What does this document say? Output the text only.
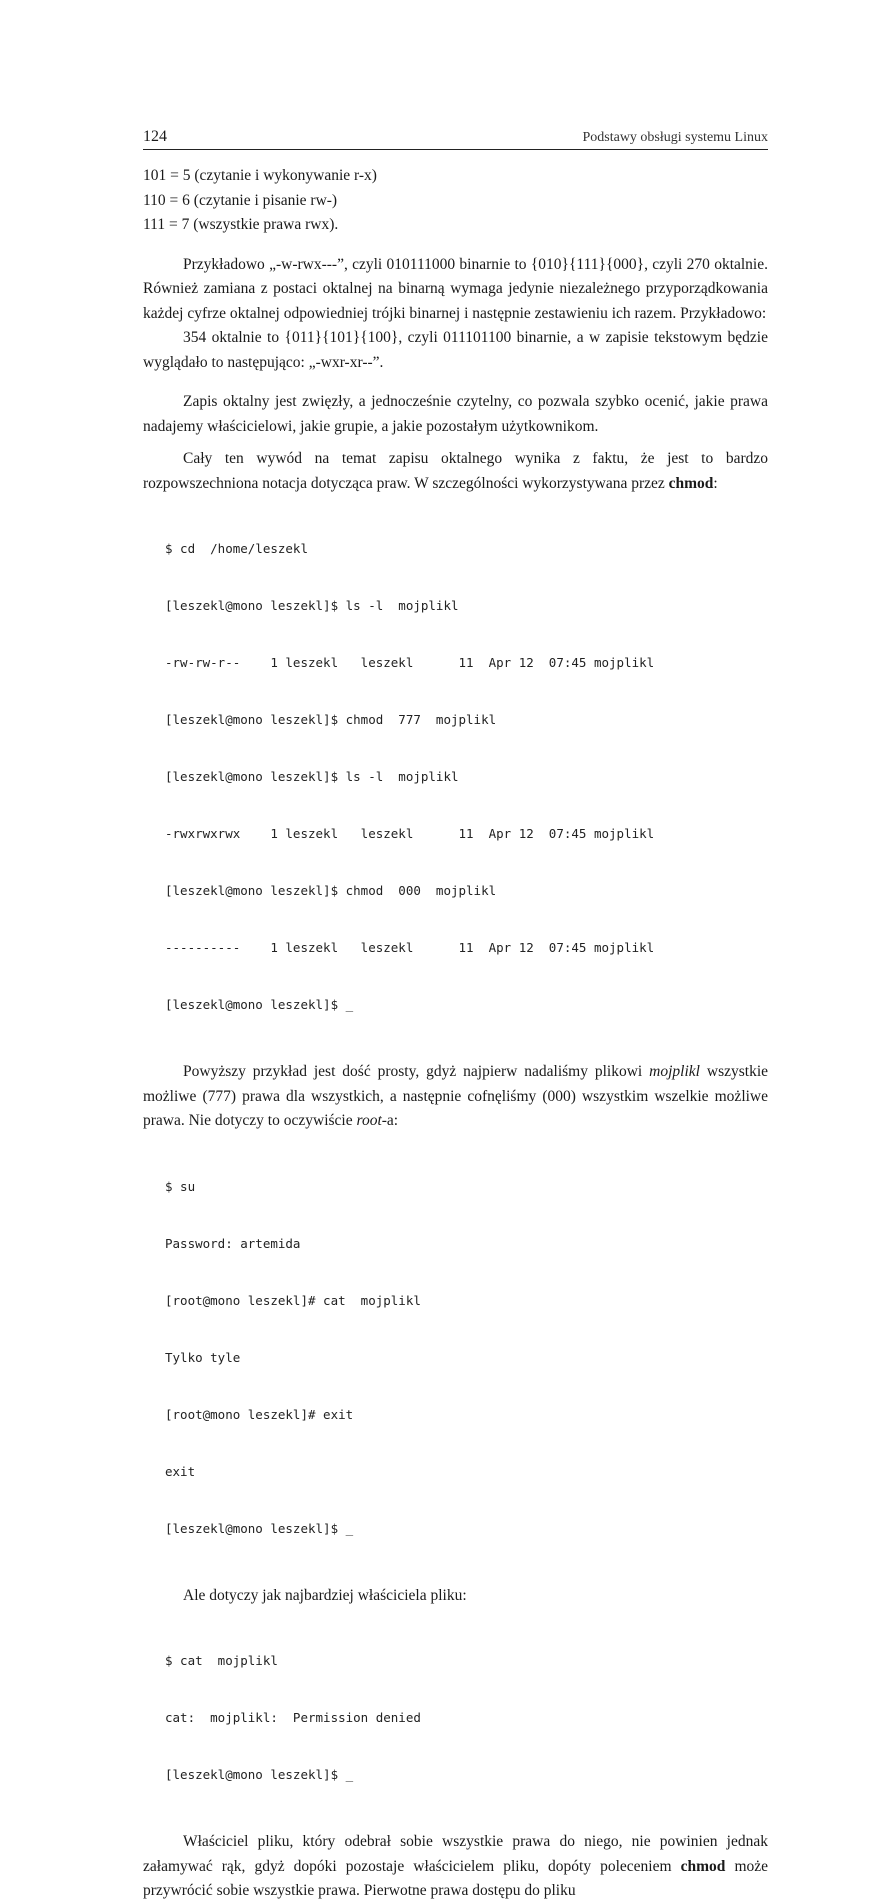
124	Podstawy obsługi systemu Linux
101 = 5 (czytanie i wykonywanie r-x)
110 = 6 (czytanie i pisanie rw-)
111 = 7 (wszystkie prawa rwx).

Przykładowo „-w-rwx---”, czyli 010111000 binarnie to {010}{111}{000}, czyli 270 oktalnie. Również zamiana z postaci oktalnej na binarną wymaga jedynie niezależnego przyporządkowania każdej cyfrze oktalnej odpowiedniej trójki binarnej i następnie zestawieniu ich razem. Przykładowo:

354 oktalnie to {011}{101}{100}, czyli 011101100 binarnie, a w zapisie tekstowym będzie wyglądało to następująco: „-wxr-xr--”.

Zapis oktalny jest zwięzły, a jednocześnie czytelny, co pozwala szybko ocenić, jakie prawa nadajemy właścicielowi, jakie grupie, a jakie pozostałym użytkownikom.

Cały ten wywód na temat zapisu oktalnego wynika z faktu, że jest to bardzo rozpowszechniona notacja dotycząca praw. W szczególności wykorzystywana przez chmod:

$ cd  /home/leszekl

[leszekl@mono leszekl]$ ls -l  mojplikl

-rw-rw-r--    1 leszekl   leszekl      11  Apr 12  07:45 mojplikl

[leszekl@mono leszekl]$ chmod  777  mojplikl

[leszekl@mono leszekl]$ ls -l  mojplikl

-rwxrwxrwx    1 leszekl   leszekl      11  Apr 12  07:45 mojplikl

[leszekl@mono leszekl]$ chmod  000  mojplikl

----------    1 leszekl   leszekl      11  Apr 12  07:45 mojplikl

[leszekl@mono leszekl]$ _

Powyższy przykład jest dość prosty, gdyż najpierw nadaliśmy plikowi mojplikl wszystkie możliwe (777) prawa dla wszystkich, a następnie cofnęliśmy (000) wszystkim wszelkie możliwe prawa. Nie dotyczy to oczywiście root-a:

$ su

Password: artemida

[root@mono leszekl]# cat  mojplikl

Tylko tyle

[root@mono leszekl]# exit

exit

[leszekl@mono leszekl]$ _

Ale dotyczy jak najbardziej właściciela pliku:

$ cat  mojplikl

cat:  mojplikl:  Permission denied

[leszekl@mono leszekl]$ _

Właściciel pliku, który odebrał sobie wszystkie prawa do niego, nie powinien jednak załamywać rąk, gdyż dopóki pozostaje właścicielem pliku, dopóty poleceniem chmod może przywrócić sobie wszystkie prawa. Pierwotne prawa dostępu do pliku
